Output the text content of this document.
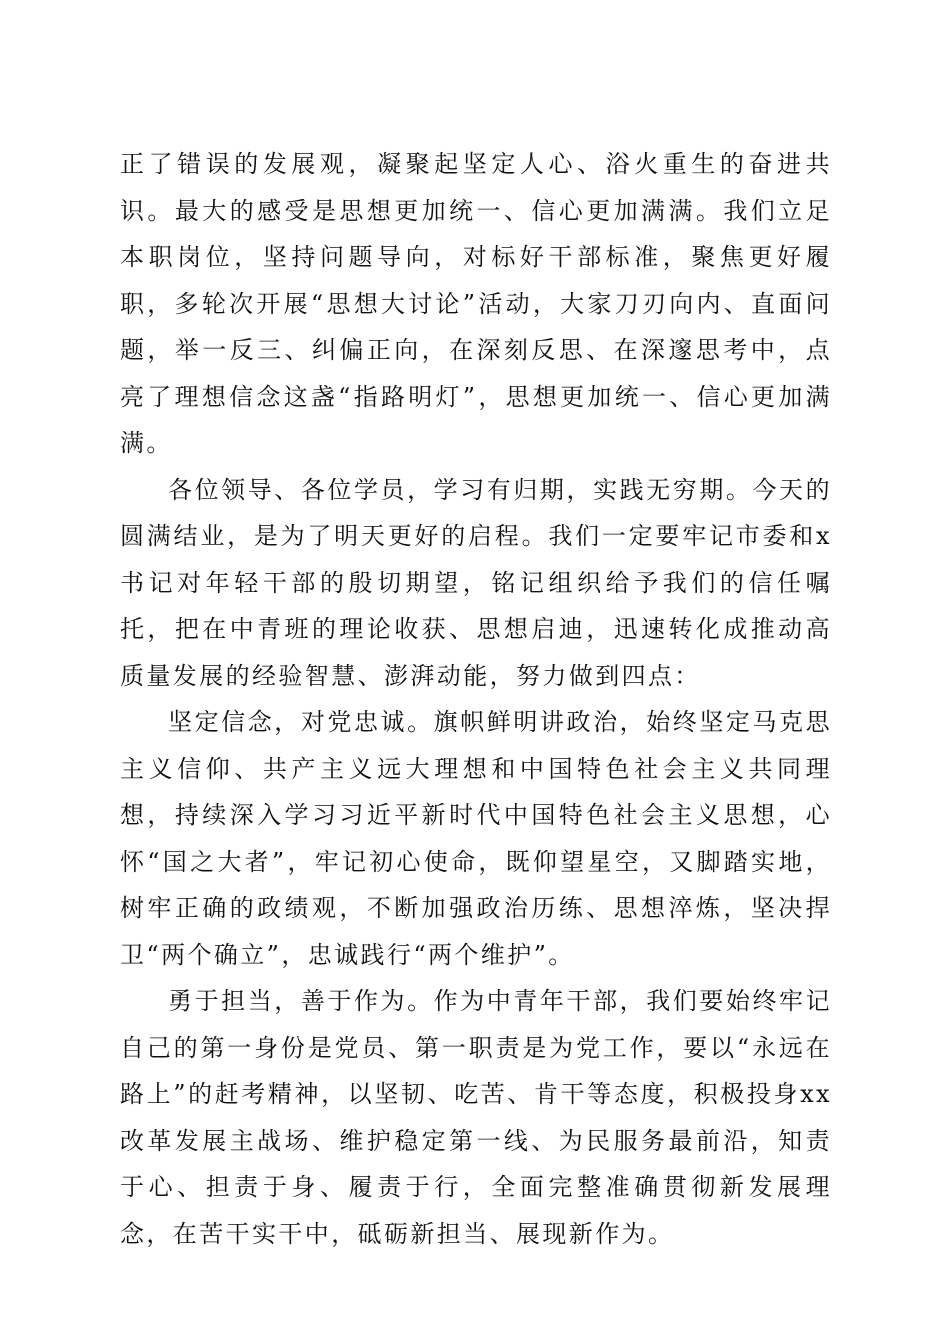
正了错误的发展观，凝聚起坚定人心、浴火重生的奋进共识。最大的感受是思想更加统一、信心更加满满。我们立足本职岗位，坚持问题导向，对标好干部标准，聚焦更好履职，多轮次开展“思想大讨论”活动，大家刀刃向内、直面问题，举一反三、纠偏正向，在深刻反思、在深邃思考中，点亮了理想信念这盏“指路明灯”，思想更加统一、信心更加满满。

各位领导、各位学员，学习有归期，实践无穷期。今天的圆满结业，是为了明天更好的启程。我们一定要牢记市委和x书记对年轻干部的殷切期望，铭记组织给予我们的信任嘱托，把在中青班的理论收获、思想启迪，迅速转化成推动高质量发展的经验智慧、澎湃动能，努力做到四点：

坚定信念，对党忠诚。旗帜鲜明讲政治，始终坚定马克思主义信仰、共产主义远大理想和中国特色社会主义共同理想，持续深入学习习近平新时代中国特色社会主义思想，心怀“国之大者”，牢记初心使命，既仰望星空，又脚踏实地，树牢正确的政绩观，不断加强政治历练、思想淬炼，坚决捍卫“两个确立”，忠诚践行“两个维护”。

勇于担当，善于作为。作为中青年干部，我们要始终牢记自己的第一身份是党员、第一职责是为党工作，要以“永远在路上”的赶考精神，以坚韧、吃苦、肯干等态度，积极投身xx改革发展主战场、维护稳定第一线、为民服务最前沿，知责于心、担责于身、履责于行，全面完整准确贯彻新发展理念，在苦干实干中，砥砺新担当、展现新作为。
